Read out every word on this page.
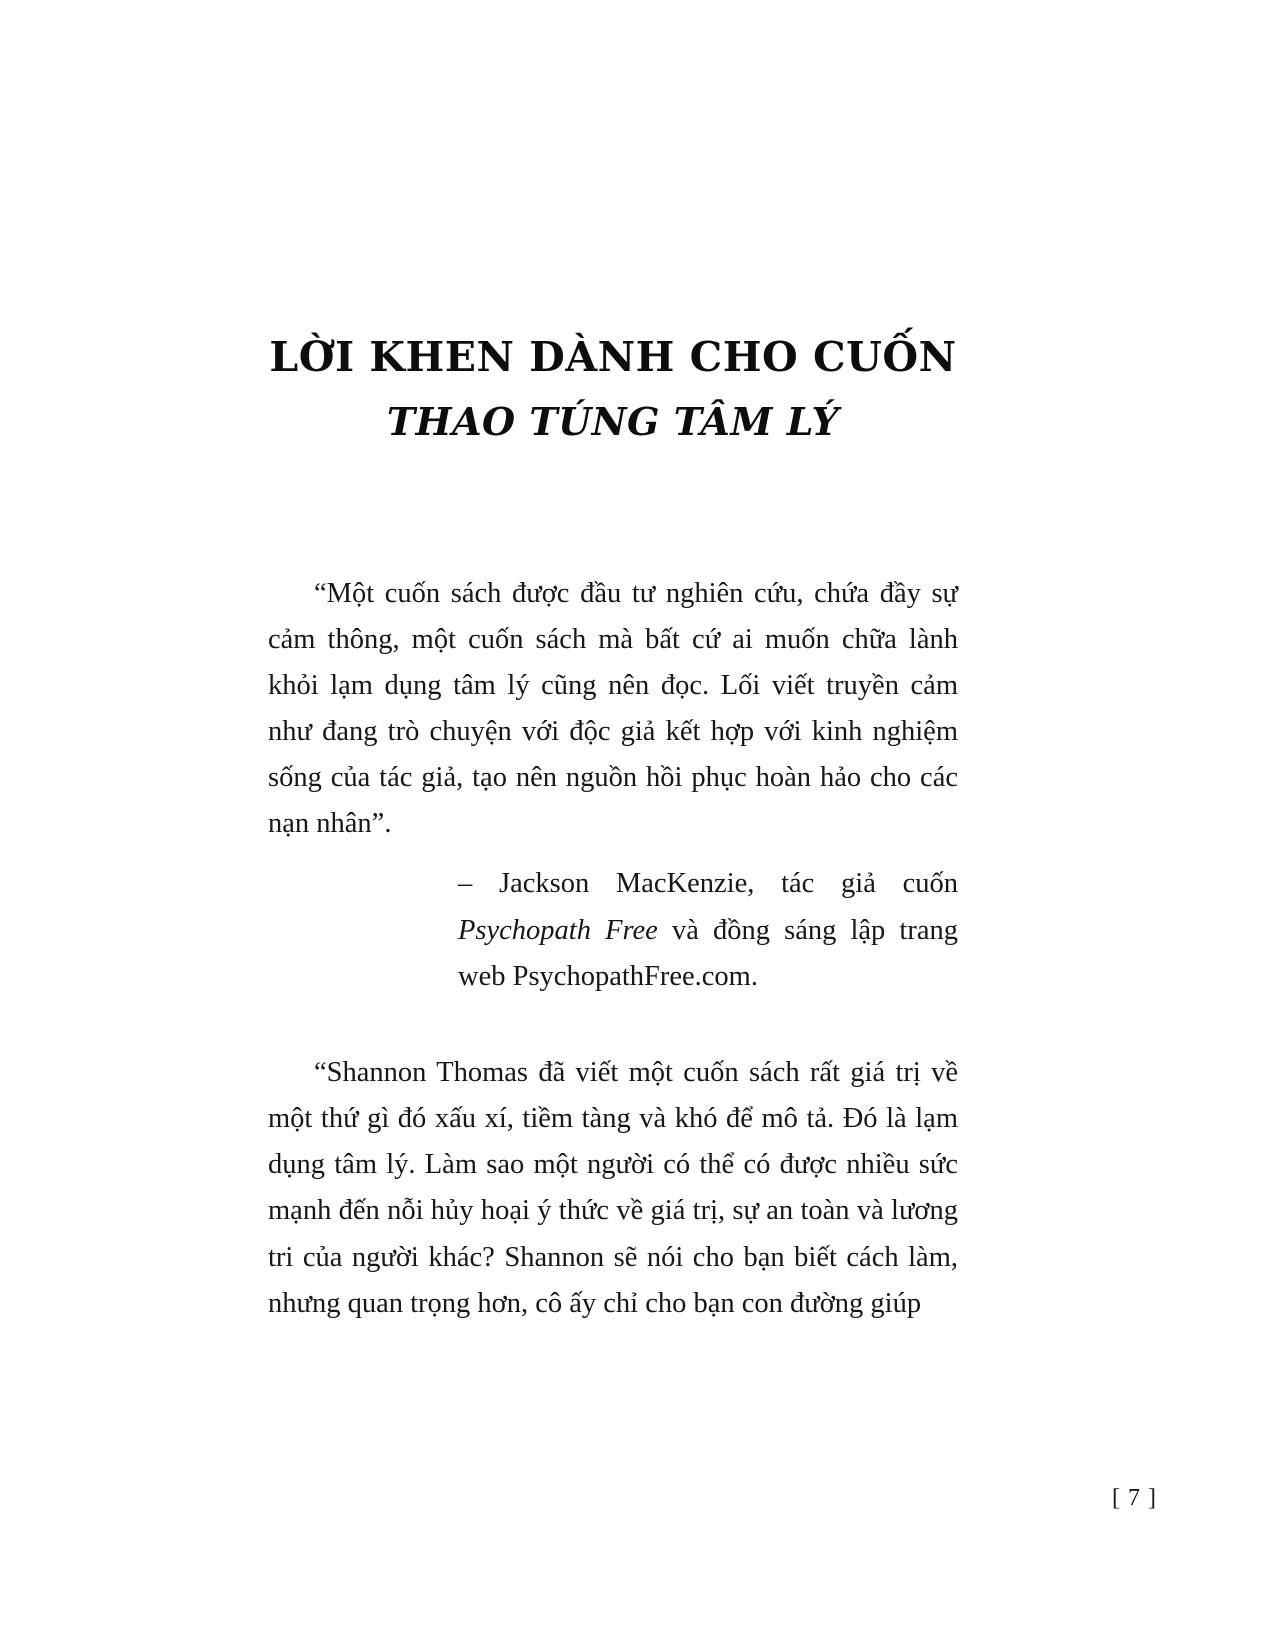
LỜI KHEN DÀNH CHO CUỐN
THAO TÚNG TÂM LÝ

“Một cuốn sách được đầu tư nghiên cứu, chứa đầy sự cảm thông, một cuốn sách mà bất cứ ai muốn chữa lành khỏi lạm dụng tâm lý cũng nên đọc. Lối viết truyền cảm như đang trò chuyện với độc giả kết hợp với kinh nghiệm sống của tác giả, tạo nên nguồn hồi phục hoàn hảo cho các nạn nhân”.

– Jackson MacKenzie, tác giả cuốn Psychopath Free và đồng sáng lập trang web PsychopathFree.com.

“Shannon Thomas đã viết một cuốn sách rất giá trị về một thứ gì đó xấu xí, tiềm tàng và khó để mô tả. Đó là lạm dụng tâm lý. Làm sao một người có thể có được nhiều sức mạnh đến nỗi hủy hoại ý thức về giá trị, sự an toàn và lương tri của người khác? Shannon sẽ nói cho bạn biết cách làm, nhưng quan trọng hơn, cô ấy chỉ cho bạn con đường giúp

[ 7 ]
